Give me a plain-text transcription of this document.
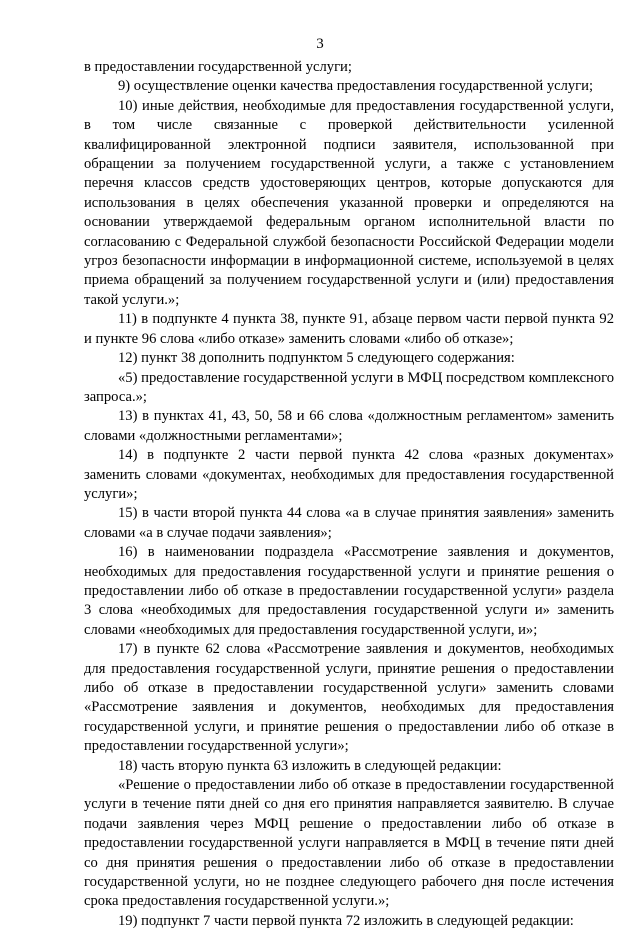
3

в предоставлении государственной услуги;

9) осуществление оценки качества предоставления государственной услуги;

10) иные действия, необходимые для предоставления государственной услуги, в том числе связанные с проверкой действительности усиленной квалифицированной электронной подписи заявителя, использованной при обращении за получением государственной услуги, а также с установлением перечня классов средств удостоверяющих центров, которые допускаются для использования в целях обеспечения указанной проверки и определяются на основании утверждаемой федеральным органом исполнительной власти по согласованию с Федеральной службой безопасности Российской Федерации модели угроз безопасности информации в информационной системе, используемой в целях приема обращений за получением государственной услуги и (или) предоставления такой услуги.»;

11) в подпункте 4 пункта 38, пункте 91, абзаце первом части первой пункта 92 и пункте 96 слова «либо отказе» заменить словами «либо об отказе»;

12) пункт 38 дополнить подпунктом 5 следующего содержания:

«5) предоставление государственной услуги в МФЦ посредством комплексного запроса.»;

13) в пунктах 41, 43, 50, 58 и 66 слова «должностным регламентом» заменить словами «должностными регламентами»;

14) в подпункте 2 части первой пункта 42 слова «разных документах» заменить словами «документах, необходимых для предоставления государственной услуги»;

15) в части второй пункта 44 слова «а в случае принятия заявления» заменить словами «а в случае подачи заявления»;

16) в наименовании подраздела «Рассмотрение заявления и документов, необходимых для предоставления государственной услуги и принятие решения о предоставлении либо об отказе в предоставлении государственной услуги» раздела 3 слова «необходимых для предоставления государственной услуги и» заменить словами «необходимых для предоставления государственной услуги, и»;

17) в пункте 62 слова «Рассмотрение заявления и документов, необходимых для предоставления государственной услуги, принятие решения о предоставлении либо об отказе в предоставлении государственной услуги» заменить словами «Рассмотрение заявления и документов, необходимых для предоставления государственной услуги, и принятие решения о предоставлении либо об отказе в предоставлении государственной услуги»;

18) часть вторую пункта 63 изложить в следующей редакции:

«Решение о предоставлении либо об отказе в предоставлении государственной услуги в течение пяти дней со дня его принятия направляется заявителю. В случае подачи заявления через МФЦ решение о предоставлении либо об отказе в предоставлении государственной услуги направляется в МФЦ в течение пяти дней со дня принятия решения о предоставлении либо об отказе в предоставлении государственной услуги, но не позднее следующего рабочего дня после истечения срока предоставления государственной услуги.»;

19) подпункт 7 части первой пункта 72 изложить в следующей редакции:
